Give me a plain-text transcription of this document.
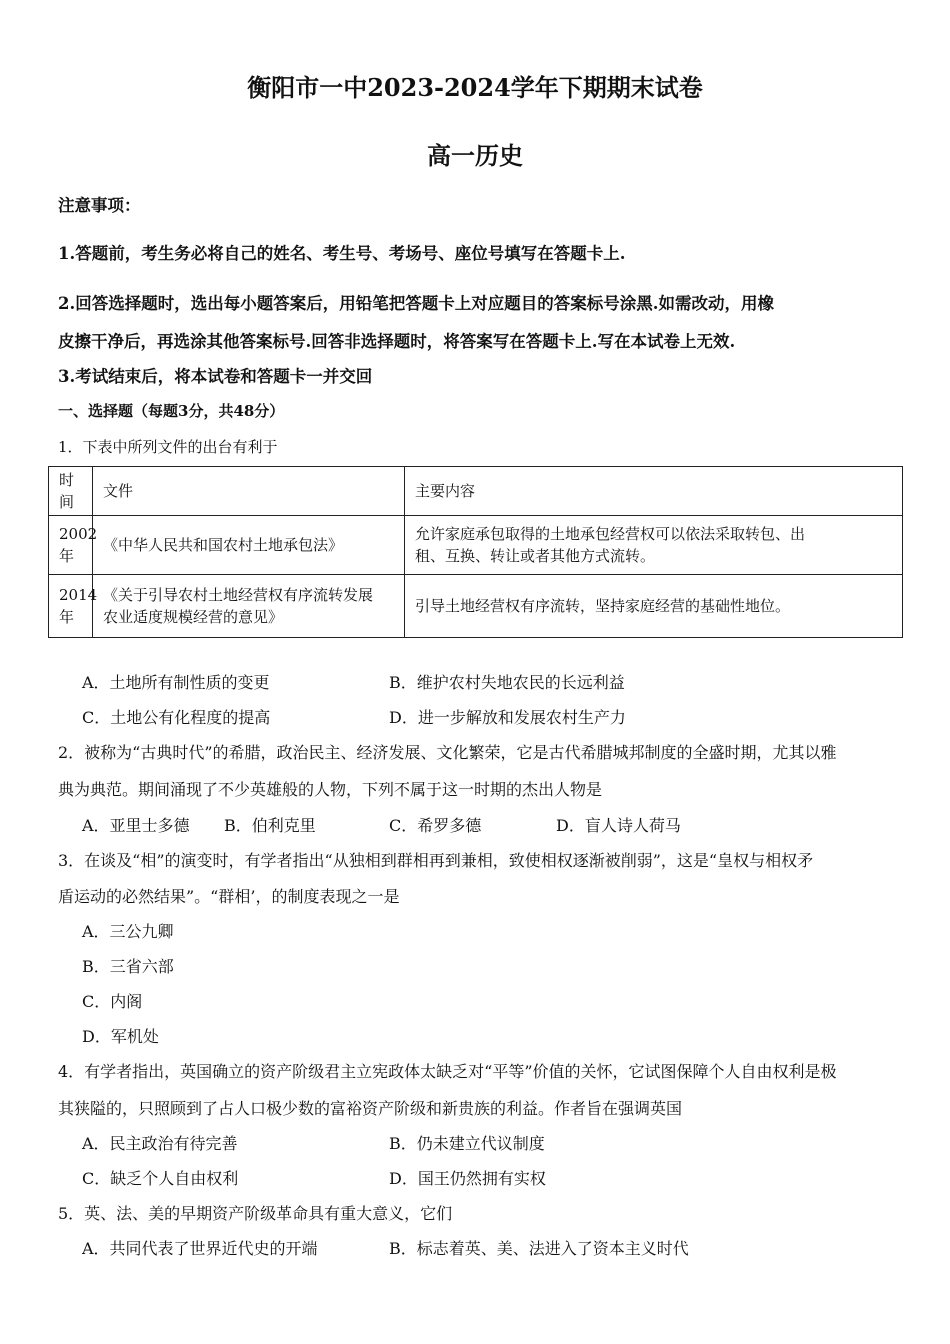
衡阳市一中2023-2024学年下期期末试卷
高一历史
注意事项：
1.答题前，考生务必将自己的姓名、考生号、考场号、座位号填写在答题卡上.
2.回答选择题时，选出每小题答案后，用铅笔把答题卡上对应题目的答案标号涂黑.如需改动，用橡
皮擦干净后，再选涂其他答案标号.回答非选择题时，将答案写在答题卡上.写在本试卷上无效.
3.考试结束后，将本试卷和答题卡一并交回
一、选择题（每题3分，共48分）
1．下表中所列文件的出台有利于
时间	文件	主要内容
2002
年	《中华人民共和国农村土地承包法》	允许家庭承包取得的土地承包经营权可以依法采取转包、出
租、互换、转让或者其他方式流转。
2014
年	《关于引导农村土地经营权有序流转发展
农业适度规模经营的意见》	引导土地经营权有序流转，坚持家庭经营的基础性地位。
A．土地所有制性质的变更	B．维护农村失地农民的长远利益
C．土地公有化程度的提高	D．进一步解放和发展农村生产力
2．被称为“古典时代”的希腊，政治民主、经济发展、文化繁荣，它是古代希腊城邦制度的全盛时期，尤其以雅
典为典范。期间涌现了不少英雄般的人物，下列不属于这一时期的杰出人物是
A．亚里士多德 B．伯利克里	C．希罗多德	D．盲人诗人荷马
3．在谈及“相”的演变时，有学者指出“从独相到群相再到兼相，致使相权逐渐被削弱”，这是“皇权与相权矛
盾运动的必然结果”。“群相’，的制度表现之一是
A．三公九卿
B．三省六部
C．内阁
D．军机处
4．有学者指出，英国确立的资产阶级君主立宪政体太缺乏对“平等”价值的关怀，它试图保障个人自由权利是极
其狭隘的，只照顾到了占人口极少数的富裕资产阶级和新贵族的利益。作者旨在强调英国
A．民主政治有待完善	B．仍未建立代议制度
C．缺乏个人自由权利	D．国王仍然拥有实权
5．英、法、美的早期资产阶级革命具有重大意义，它们
A．共同代表了世界近代史的开端	B．标志着英、美、法进入了资本主义时代
